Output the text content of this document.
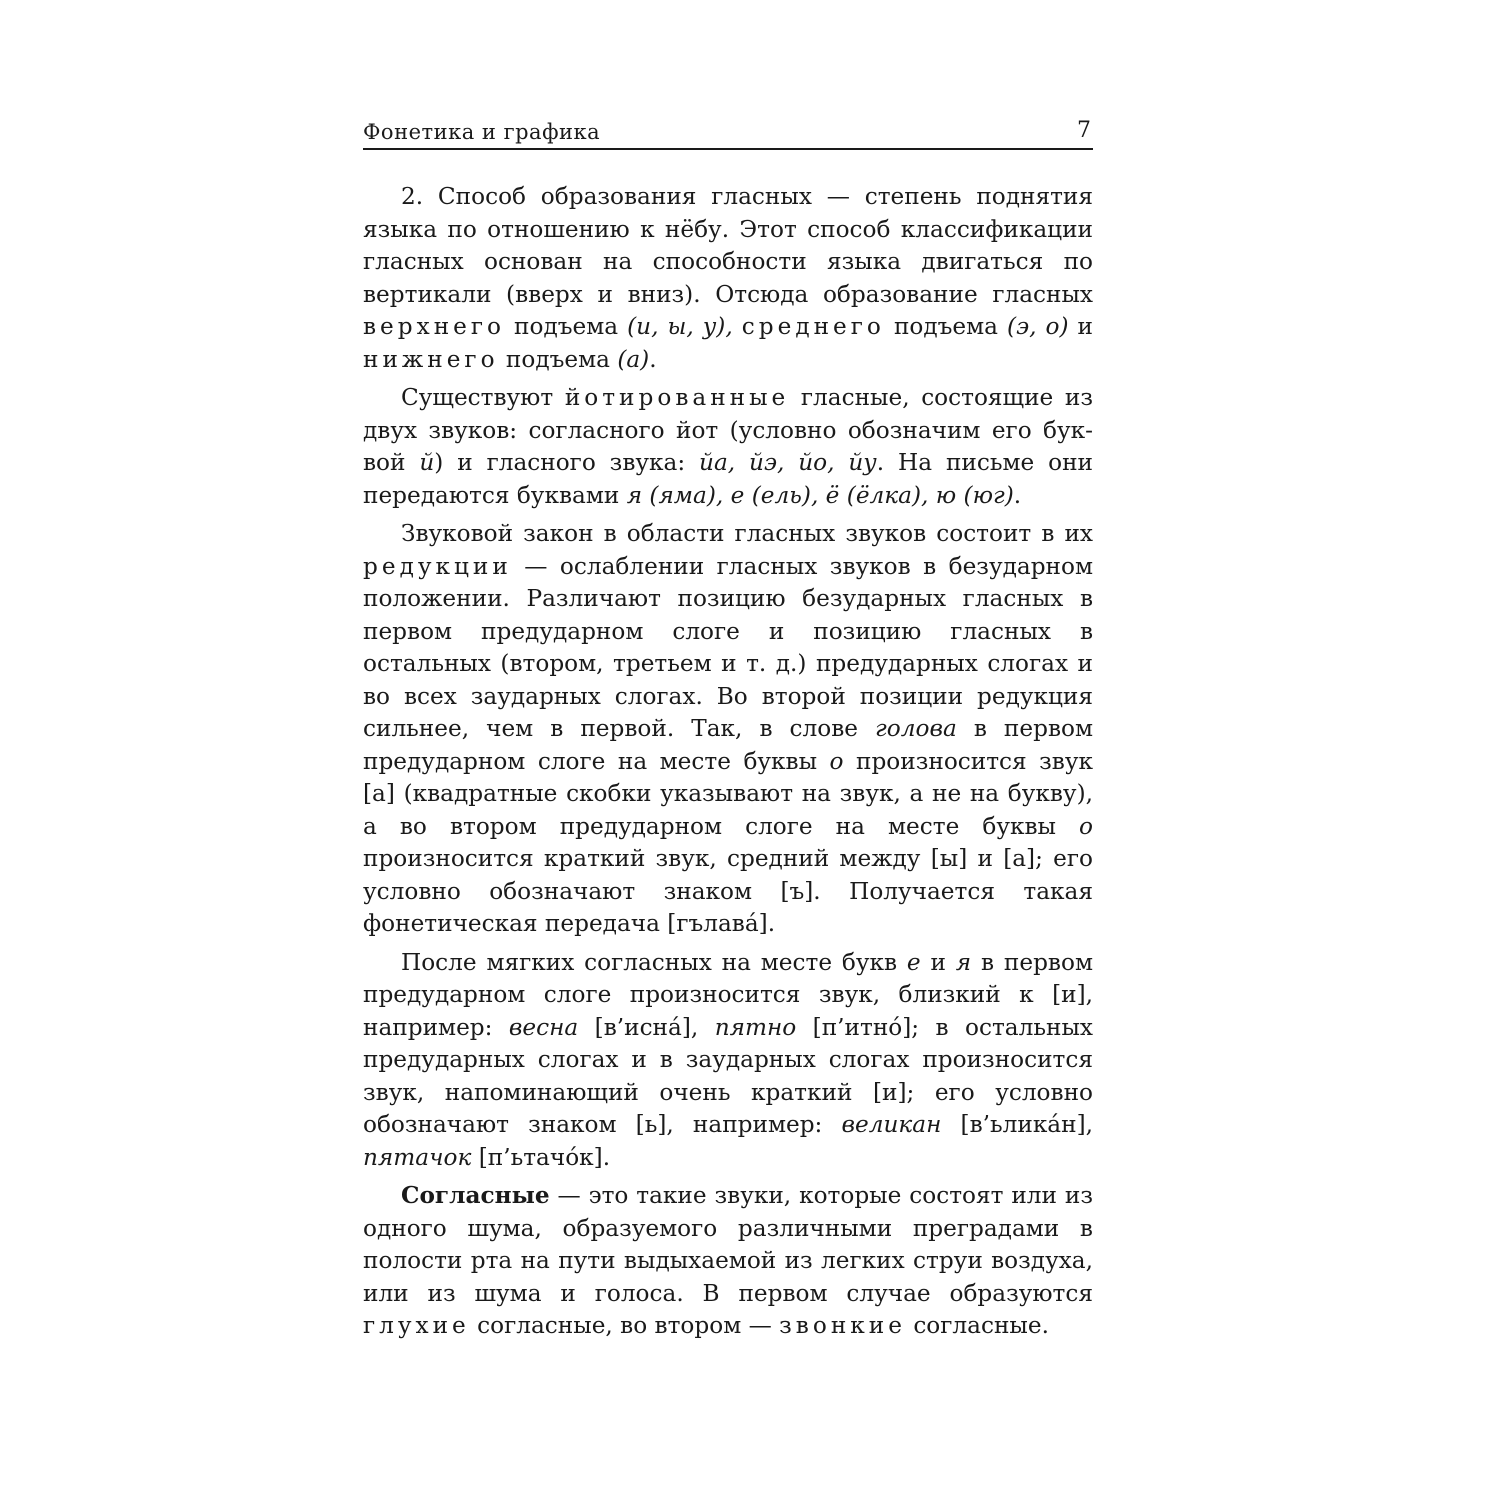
Фонетика и графика	7

2. Способ образования гласных — степень поднятия языка по отношению к нёбу. Этот способ классификации гласных основан на способности языка двигаться по вертикали (вверх и вниз). Отсюда образование гласных верхнего подъема (и, ы, у), среднего подъема (э, о) и нижнего подъема (а).

Существуют йотированные гласные, состоящие из двух звуков: согласного йот (условно обозначим его буквой й) и гласного звука: йа, йэ, йо, йу. На письме они передаются буквами я (яма), е (ель), ё (ёлка), ю (юг).

Звуковой закон в области гласных звуков состоит в их редукции — ослаблении гласных звуков в безударном положении. Различают позицию безударных гласных в первом предударном слоге и позицию гласных в остальных (втором, третьем и т. д.) предударных слогах и во всех заударных слогах. Во второй позиции редукция сильнее, чем в первой. Так, в слове голова в первом предударном слоге на месте буквы о произносится звук [а] (квадратные скобки указывают на звук, а не на букву), а во втором предударном слоге на месте буквы о произносится краткий звук, средний между [ы] и [а]; его условно обозначают знаком [ъ]. Получается такая фонетическая передача [гълавá].

После мягких согласных на месте букв е и я в первом предударном слоге произносится звук, близкий к [и], например: весна [в’иснá], пятно [п’итнó]; в остальных предударных слогах и в заударных слогах произносится звук, напоминающий очень краткий [и]; его условно обозначают знаком [ь], например: великан [в’ьликáн], пятачок [п’ьтачóк].

Согласные — это такие звуки, которые состоят или из одного шума, образуемого различными преградами в полости рта на пути выдыхаемой из легких струи воздуха, или из шума и голоса. В первом случае образуются глухие согласные, во втором — звонкие согласные.
